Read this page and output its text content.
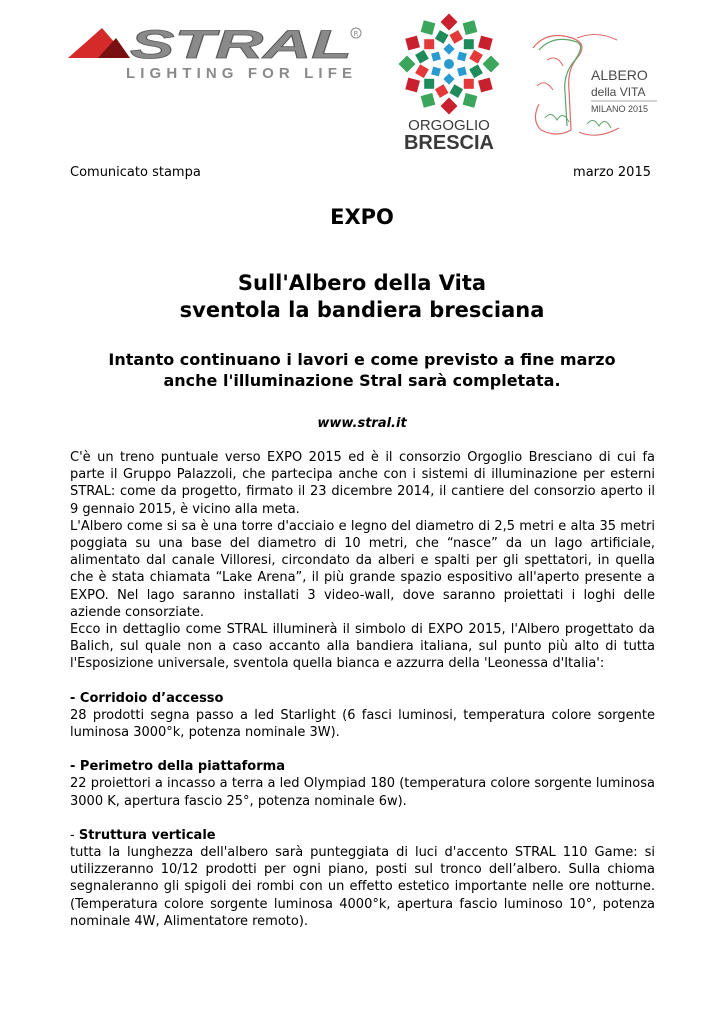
STRAL R
LIGHTING FOR LIFE
ORGOGLIO
BRESCIA
ALBERO
della VITA
MILANO 2015
Comunicato stampa	marzo 2015
EXPO
Sull'Albero della Vita
sventola la bandiera bresciana
Intanto continuano i lavori e come previsto a fine marzo
anche l'illuminazione Stral sarà completata.
www.stral.it

C'è un treno puntuale verso EXPO 2015 ed è il consorzio Orgoglio Bresciano di cui fa parte il Gruppo Palazzoli, che partecipa anche con i sistemi di illuminazione per esterni STRAL: come da progetto, firmato il 23 dicembre 2014, il cantiere del consorzio aperto il 9 gennaio 2015, è vicino alla meta.

L'Albero come si sa è una torre d'acciaio e legno del diametro di 2,5 metri e alta 35 metri poggiata su una base del diametro di 10 metri, che “nasce” da un lago artificiale, alimentato dal canale Villoresi, circondato da alberi e spalti per gli spettatori, in quella che è stata chiamata “Lake Arena”, il più grande spazio espositivo all'aperto presente a EXPO. Nel lago saranno installati 3 video-wall, dove saranno proiettati i loghi delle aziende consorziate.

Ecco in dettaglio come STRAL illuminerà il simbolo di EXPO 2015, l'Albero progettato da Balich, sul quale non a caso accanto alla bandiera italiana, sul punto più alto di tutta l'Esposizione universale, sventola quella bianca e azzurra della 'Leonessa d'Italia':

- Corridoio d’accesso

28 prodotti segna passo a led Starlight (6 fasci luminosi, temperatura colore sorgente luminosa 3000°k, potenza nominale 3W).

- Perimetro della piattaforma

22 proiettori a incasso a terra a led Olympiad 180 (temperatura colore sorgente luminosa 3000 K, apertura fascio 25°, potenza nominale 6w).

- Struttura verticale

tutta la lunghezza dell'albero sarà punteggiata di luci d'accento STRAL 110 Game: si utilizzeranno 10/12 prodotti per ogni piano, posti sul tronco dell’albero. Sulla chioma segnaleranno gli spigoli dei rombi con un effetto estetico importante nelle ore notturne. (Temperatura colore sorgente luminosa 4000°k, apertura fascio luminoso 10°, potenza nominale 4W, Alimentatore remoto).
